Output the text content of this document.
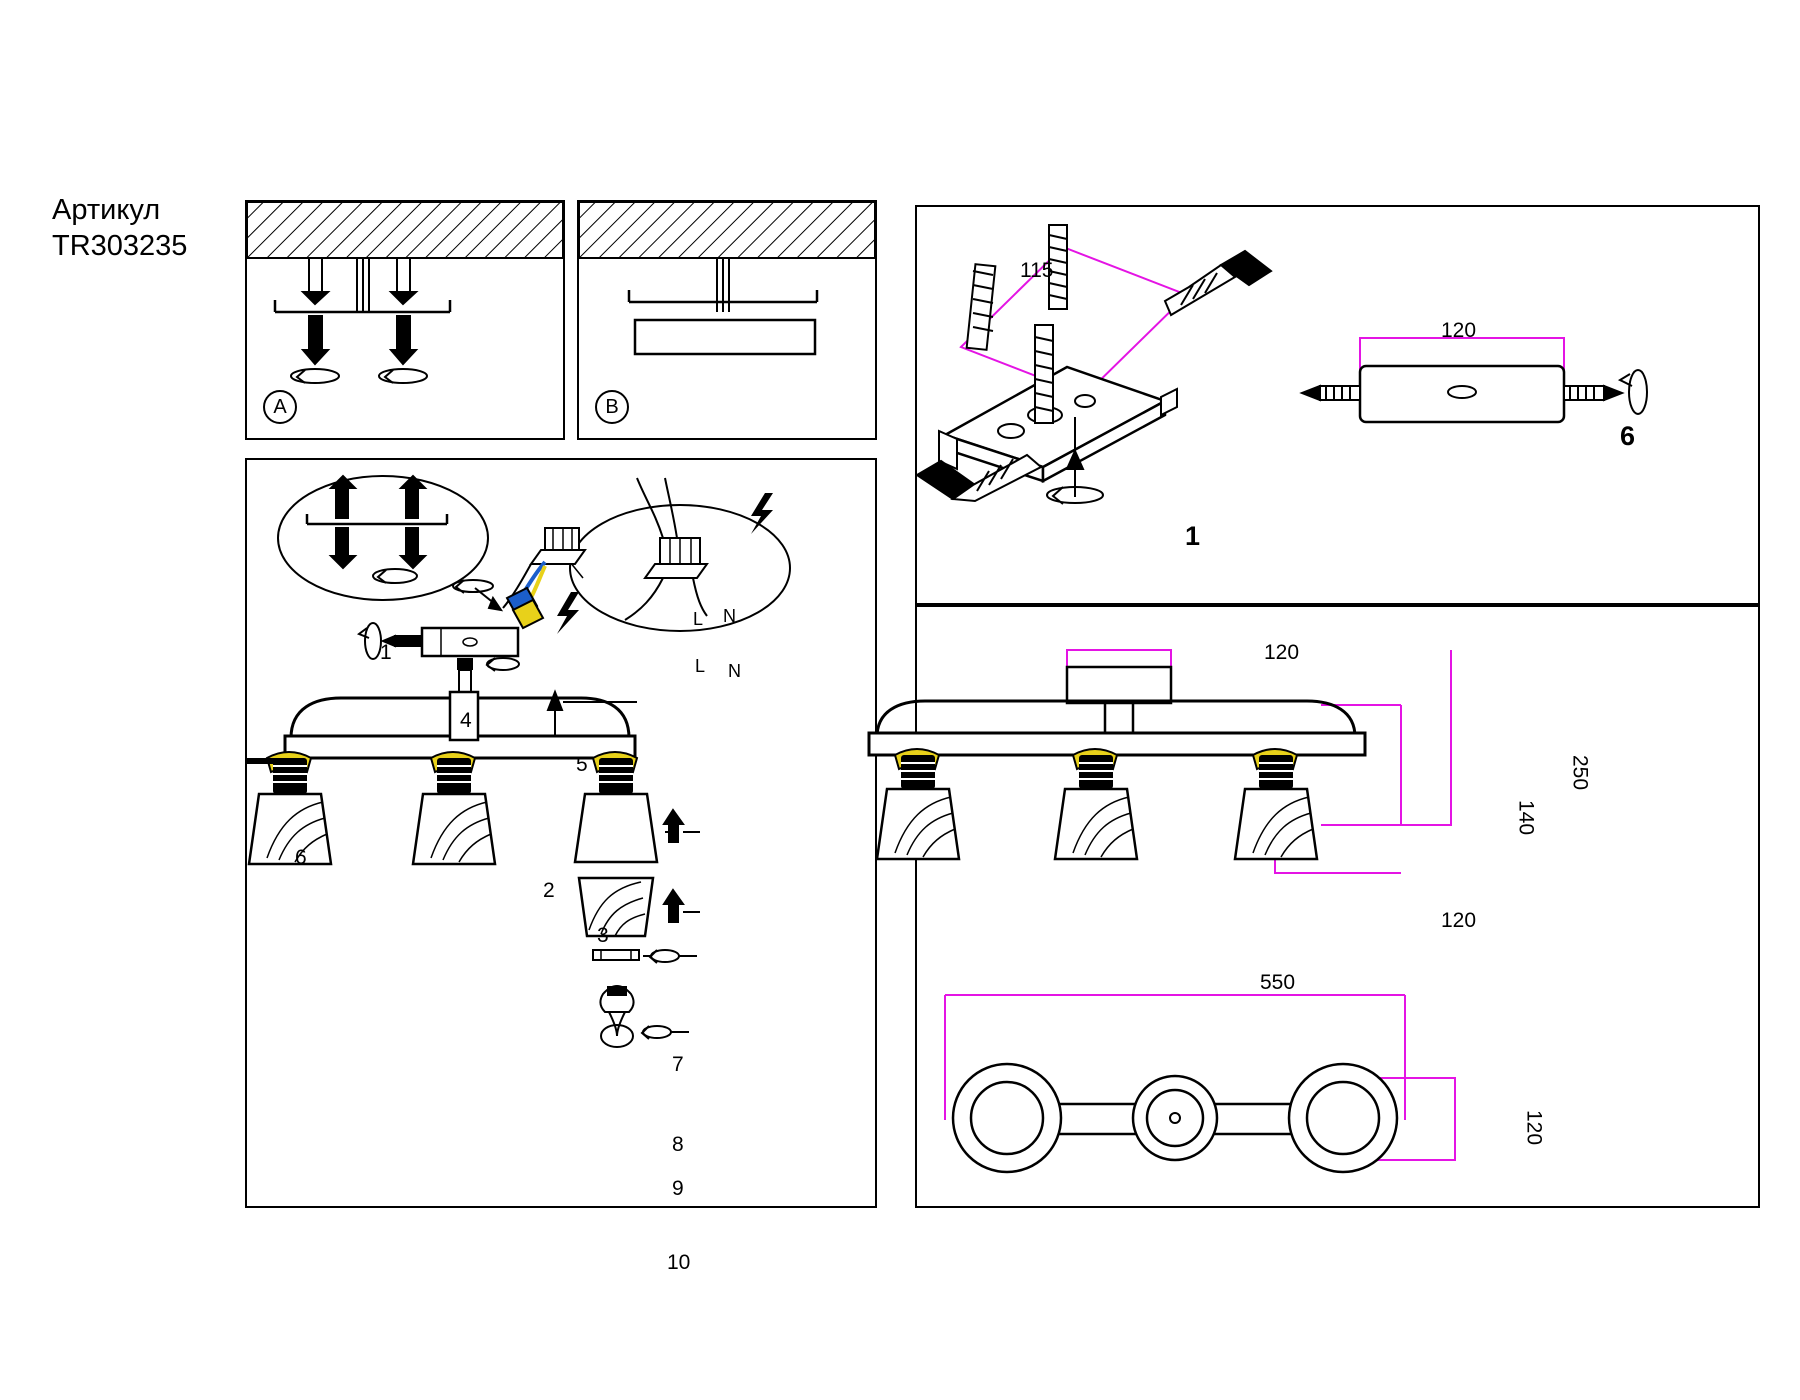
Артикул
TR303235
A	B
7
8
9
10
3
2
6
4
5
1
L
L N
N
115
1
120
6
120
250
140
120
550
120
